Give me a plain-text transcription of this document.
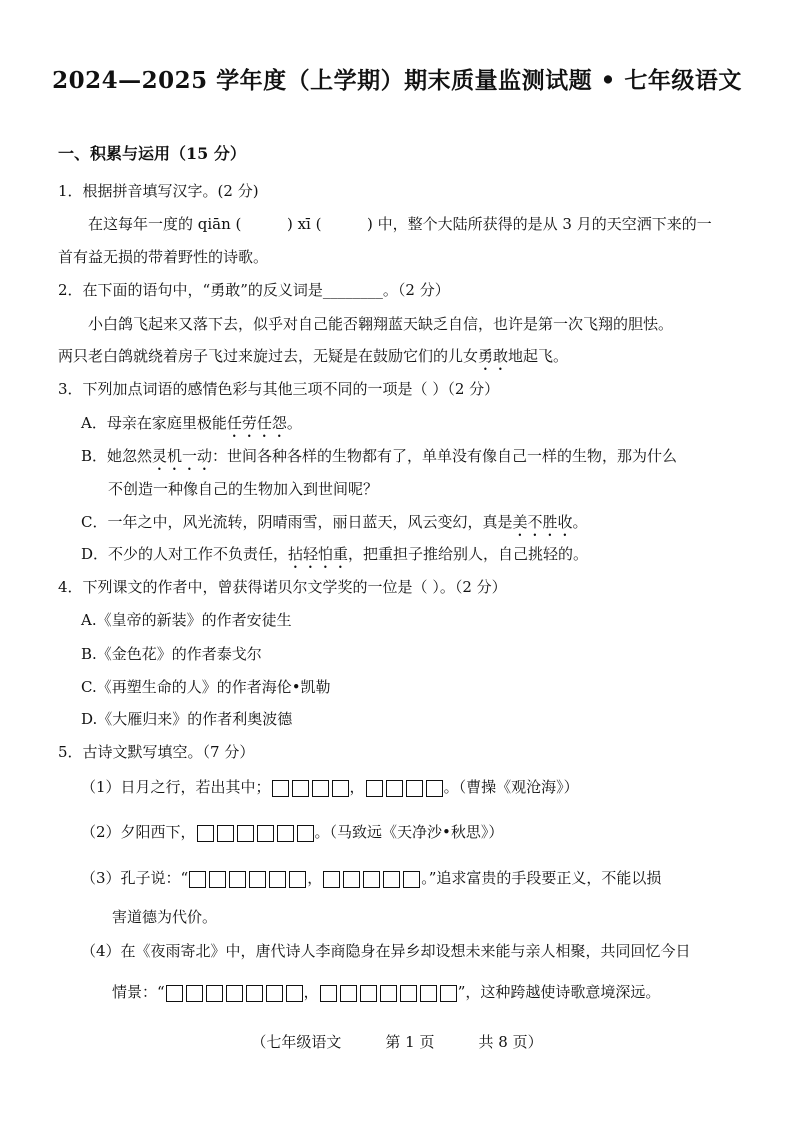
2024—2025 学年度（上学期）期末质量监测试题 • 七年级语文
一、积累与运用（15 分）
1．根据拼音填写汉字。(2 分)
在这每年一度的 qiān (	) xī (	) 中，整个大陆所获得的是从 3 月的天空洒下来的一
首有益无损的带着野性的诗歌。
2．在下面的语句中，“勇敢”的反义词是________。（2 分）
小白鸽飞起来又落下去，似乎对自己能否翱翔蓝天缺乏自信，也许是第一次飞翔的胆怯。
两只老白鸽就绕着房子飞过来旋过去，无疑是在鼓励它们的儿女勇敢地起飞。
3．下列加点词语的感情色彩与其他三项不同的一项是（ ）（2 分）
A．母亲在家庭里极能任劳任怨。
B．她忽然灵机一动：世间各种各样的生物都有了，单单没有像自己一样的生物，那为什么
不创造一种像自己的生物加入到世间呢？
C．一年之中，风光流转，阴晴雨雪，丽日蓝天，风云变幻，真是美不胜收。
D．不少的人对工作不负责任，拈轻怕重，把重担子推给别人，自己挑轻的。
4．下列课文的作者中，曾获得诺贝尔文学奖的一位是（ ）。（2 分）
A.《皇帝的新装》的作者安徒生
B.《金色花》的作者泰戈尔
C.《再塑生命的人》的作者海伦•凯勒
D.《大雁归来》的作者利奥波德
5．古诗文默写填空。（7 分）
（1）日月之行，若出其中；	，	。（曹操《观沧海》）
（2）夕阳西下，	。（马致远《天净沙•秋思》）
（3）孔子说：“	，	。”追求富贵的手段要正义，不能以损
害道德为代价。
（4）在《夜雨寄北》中，唐代诗人李商隐身在异乡却设想未来能与亲人相聚，共同回忆今日
情景：“	，	”，这种跨越使诗歌意境深远。
（七年级语文	第 1 页	共 8 页）
